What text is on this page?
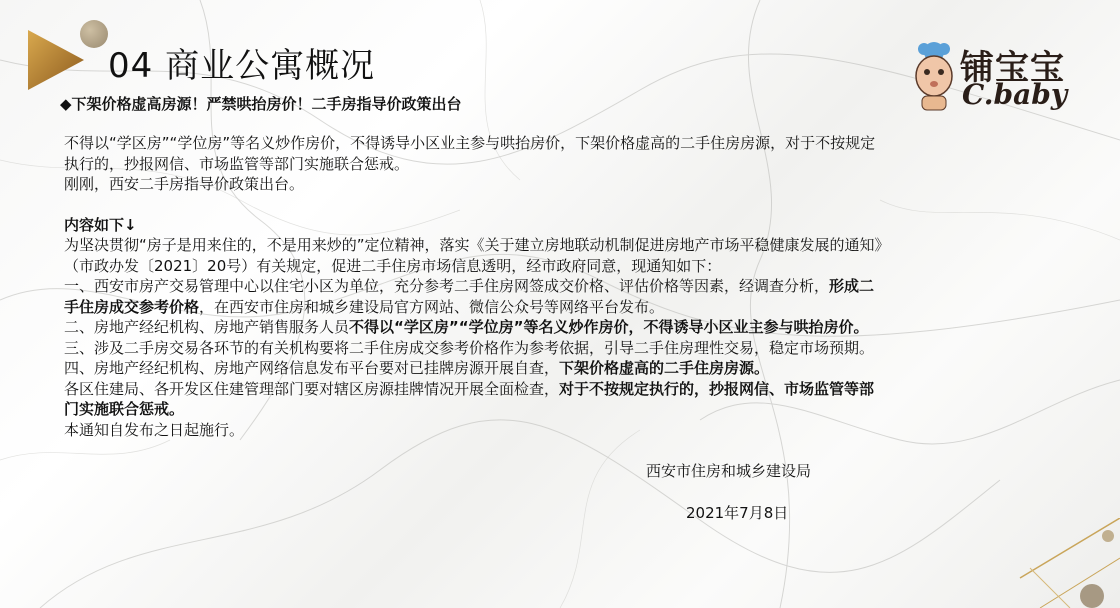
04 商业公寓概况	铺宝宝
C.baby
◆下架价格虚高房源！严禁哄抬房价！二手房指导价政策出台

不得以“学区房”“学位房”等名义炒作房价，不得诱导小区业主参与哄抬房价，下架价格虚高的二手住房房源，对于不按规定

执行的，抄报网信、市场监管等部门实施联合惩戒。

刚刚，西安二手房指导价政策出台。

内容如下↓

为坚决贯彻“房子是用来住的，不是用来炒的”定位精神，落实《关于建立房地联动机制促进房地产市场平稳健康发展的通知》

（市政办发〔2021〕20号）有关规定，促进二手住房市场信息透明，经市政府同意，现通知如下：

一、西安市房产交易管理中心以住宅小区为单位，充分参考二手住房网签成交价格、评估价格等因素，经调查分析，形成二

手住房成交参考价格，在西安市住房和城乡建设局官方网站、微信公众号等网络平台发布。

二、房地产经纪机构、房地产销售服务人员不得以“学区房”“学位房”等名义炒作房价，不得诱导小区业主参与哄抬房价。

三、涉及二手房交易各环节的有关机构要将二手住房成交参考价格作为参考依据，引导二手住房理性交易，稳定市场预期。

四、房地产经纪机构、房地产网络信息发布平台要对已挂牌房源开展自查，下架价格虚高的二手住房房源。

各区住建局、各开发区住建管理部门要对辖区房源挂牌情况开展全面检查，对于不按规定执行的，抄报网信、市场监管等部

门实施联合惩戒。

本通知自发布之日起施行。

西安市住房和城乡建设局
2021年7月8日
